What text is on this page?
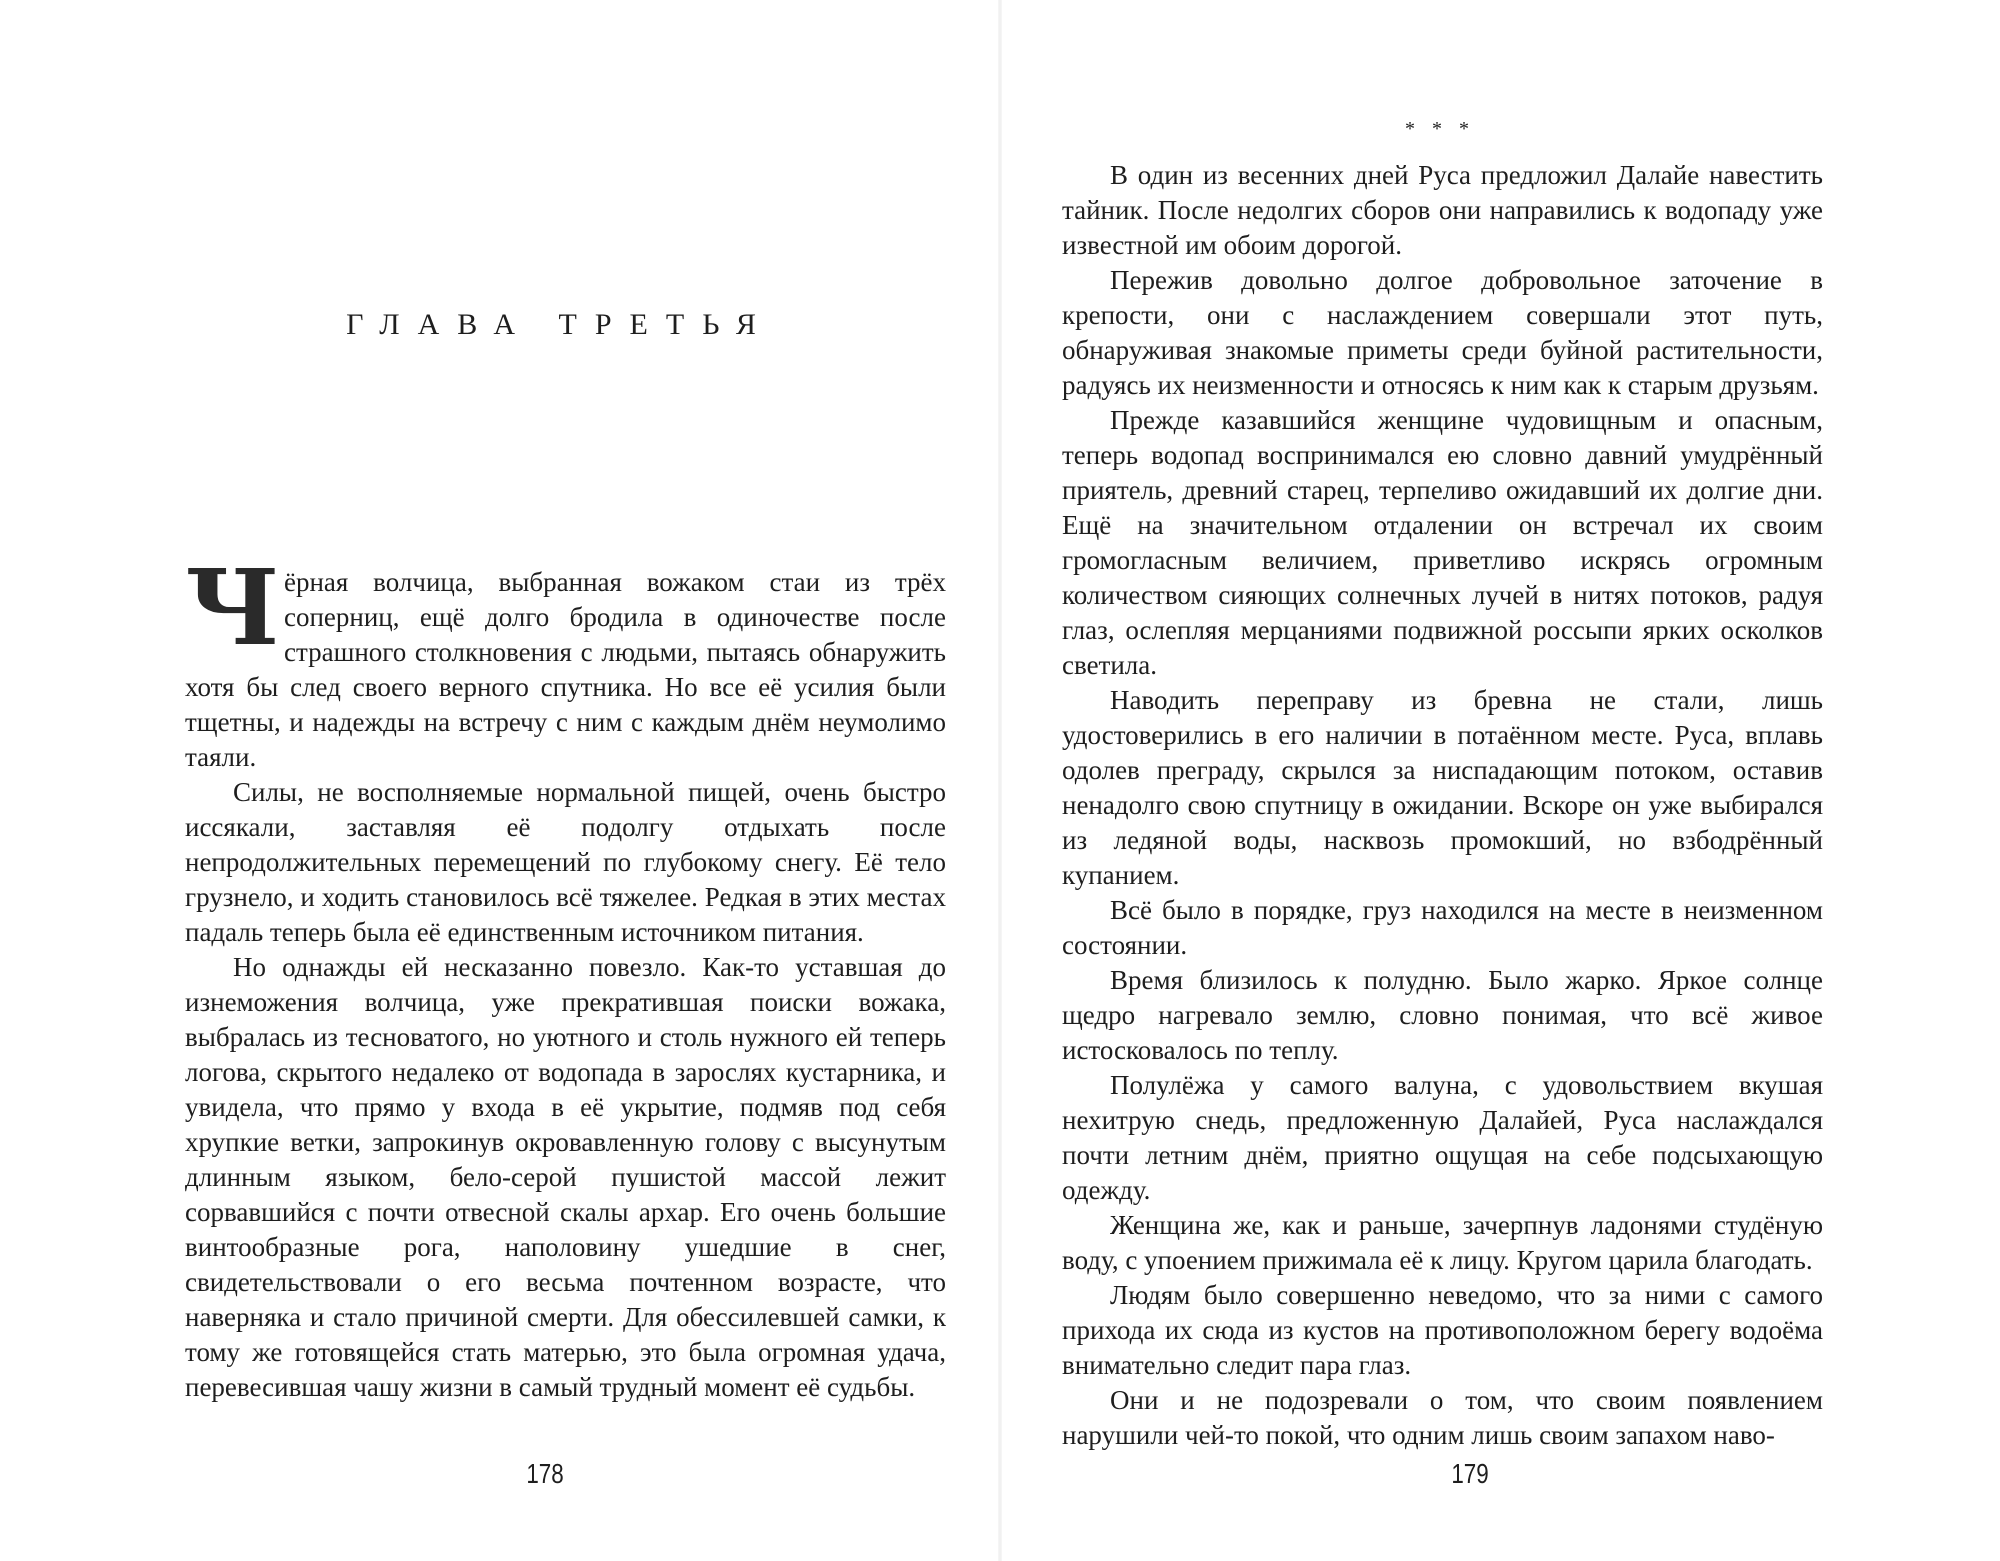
ГЛАВА ТРЕТЬЯ

Чёрная волчица, выбранная вожаком стаи из трёх соперниц, ещё долго бродила в одиночестве после страшного столкновения с людьми, пытаясь обнаружить хотя бы след своего верного спутника. Но все её усилия были тщетны, и надежды на встречу с ним с каждым днём неумолимо таяли.

Силы, не восполняемые нормальной пищей, очень быстро иссякали, заставляя её подолгу отдыхать после непродолжительных перемещений по глубокому снегу. Её тело грузнело, и ходить становилось всё тяжелее. Редкая в этих местах падаль теперь была её единственным источником питания.

Но однажды ей несказанно повезло. Как-то уставшая до изнеможения волчица, уже прекратившая поиски вожака, выбралась из тесноватого, но уютного и столь нужного ей теперь логова, скрытого недалеко от водопада в зарослях кустарника, и увидела, что прямо у входа в её укрытие, подмяв под себя хрупкие ветки, запрокинув окровавленную голову с высунутым длинным языком, бело-серой пушистой массой лежит сорвавшийся с почти отвесной скалы архар. Его очень большие винтообразные рога, наполовину ушедшие в снег, свидетельствовали о его весьма почтенном возрасте, что наверняка и стало причиной смерти. Для обессилевшей самки, к тому же готовящейся стать матерью, это была огромная удача, перевесившая чашу жизни в самый трудный момент её судьбы.

178

* * *

В один из весенних дней Руса предложил Далайе навестить тайник. После недолгих сборов они направились к водопаду уже известной им обоим дорогой.

Пережив довольно долгое добровольное заточение в крепости, они с наслаждением совершали этот путь, обнаруживая знакомые приметы среди буйной растительности, радуясь их неизменности и относясь к ним как к старым друзьям.

Прежде казавшийся женщине чудовищным и опасным, теперь водопад воспринимался ею словно давний умудрённый приятель, древний старец, терпеливо ожидавший их долгие дни. Ещё на значительном отдалении он встречал их своим громогласным величием, приветливо искрясь огромным количеством сияющих солнечных лучей в нитях потоков, радуя глаз, ослепляя мерцаниями подвижной россыпи ярких осколков светила.

Наводить переправу из бревна не стали, лишь удостоверились в его наличии в потаённом месте. Руса, вплавь одолев преграду, скрылся за ниспадающим потоком, оставив ненадолго свою спутницу в ожидании. Вскоре он уже выбирался из ледяной воды, насквозь промокший, но взбодрённый купанием.

Всё было в порядке, груз находился на месте в неизменном состоянии.

Время близилось к полудню. Было жарко. Яркое солнце щедро нагревало землю, словно понимая, что всё живое истосковалось по теплу.

Полулёжа у самого валуна, с удовольствием вкушая нехитрую снедь, предложенную Далайей, Руса наслаждался почти летним днём, приятно ощущая на себе подсыхающую одежду.

Женщина же, как и раньше, зачерпнув ладонями студёную воду, с упоением прижимала её к лицу. Кругом царила благодать.

Людям было совершенно неведомо, что за ними с самого прихода их сюда из кустов на противоположном берегу водоёма внимательно следит пара глаз.

Они и не подозревали о том, что своим появлением нарушили чей-то покой, что одним лишь своим запахом наво-

179
